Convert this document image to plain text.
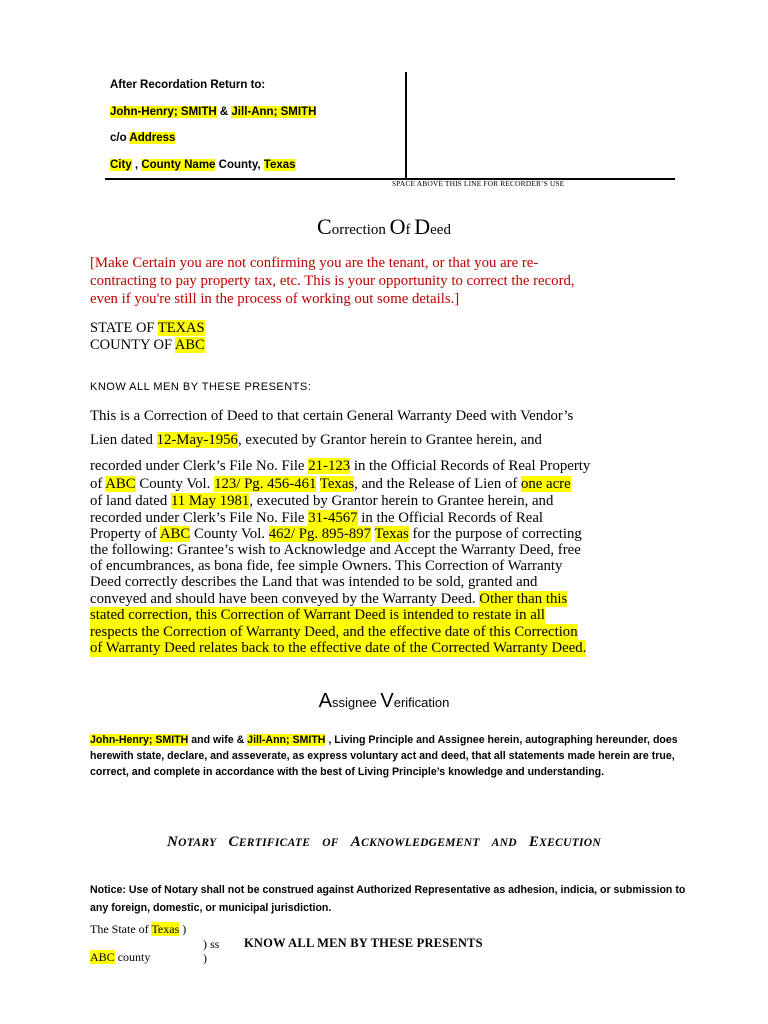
After Recordation Return to:
John-Henry; SMITH & Jill-Ann; SMITH
c/o Address
City , County Name County, Texas
SPACE ABOVE THIS LINE FOR RECORDER’S USE
Correction Of Deed
[Make Certain you are not confirming you are the tenant, or that you are re-
contracting to pay property tax, etc. This is your opportunity to correct the record,
even if you're still in the process of working out some details.]
STATE OF TEXAS
COUNTY OF ABC
KNOW ALL MEN BY THESE PRESENTS:
This is a Correction of Deed to that certain General Warranty Deed with Vendor’s
Lien dated 12-May-1956, executed by Grantor herein to Grantee herein, and
recorded under Clerk’s File No. File 21-123 in the Official Records of Real Property
of ABC County Vol. 123/ Pg. 456-461 Texas, and the Release of Lien of one acre
of land dated 11 May 1981, executed by Grantor herein to Grantee herein, and
recorded under Clerk’s File No. File 31-4567 in the Official Records of Real
Property of ABC County Vol. 462/ Pg. 895-897 Texas for the purpose of correcting
the following: Grantee’s wish to Acknowledge and Accept the Warranty Deed, free
of encumbrances, as bona fide, fee simple Owners. This Correction of Warranty
Deed correctly describes the Land that was intended to be sold, granted and
conveyed and should have been conveyed by the Warranty Deed. Other than this
stated correction, this Correction of Warrant Deed is intended to restate in all
respects the Correction of Warranty Deed, and the effective date of this Correction
of Warranty Deed relates back to the effective date of the Corrected Warranty Deed.
Assignee Verification
John-Henry; SMITH and wife & Jill-Ann; SMITH , Living Principle and Assignee herein, autographing hereunder, does herewith state, declare, and asseverate, as express voluntary act and deed, that all statements made herein are true, correct, and complete in accordance with the best of Living Principle’s knowledge and understanding.
NOTARY CERTIFICATE OF ACKNOWLEDGEMENT AND EXECUTION
Notice: Use of Notary shall not be construed against Authorized Representative as adhesion, indicia, or submission to any foreign, domestic, or municipal jurisdiction.
The State of Texas )
) ss KNOW ALL MEN BY THESE PRESENTS
ABC county	)
